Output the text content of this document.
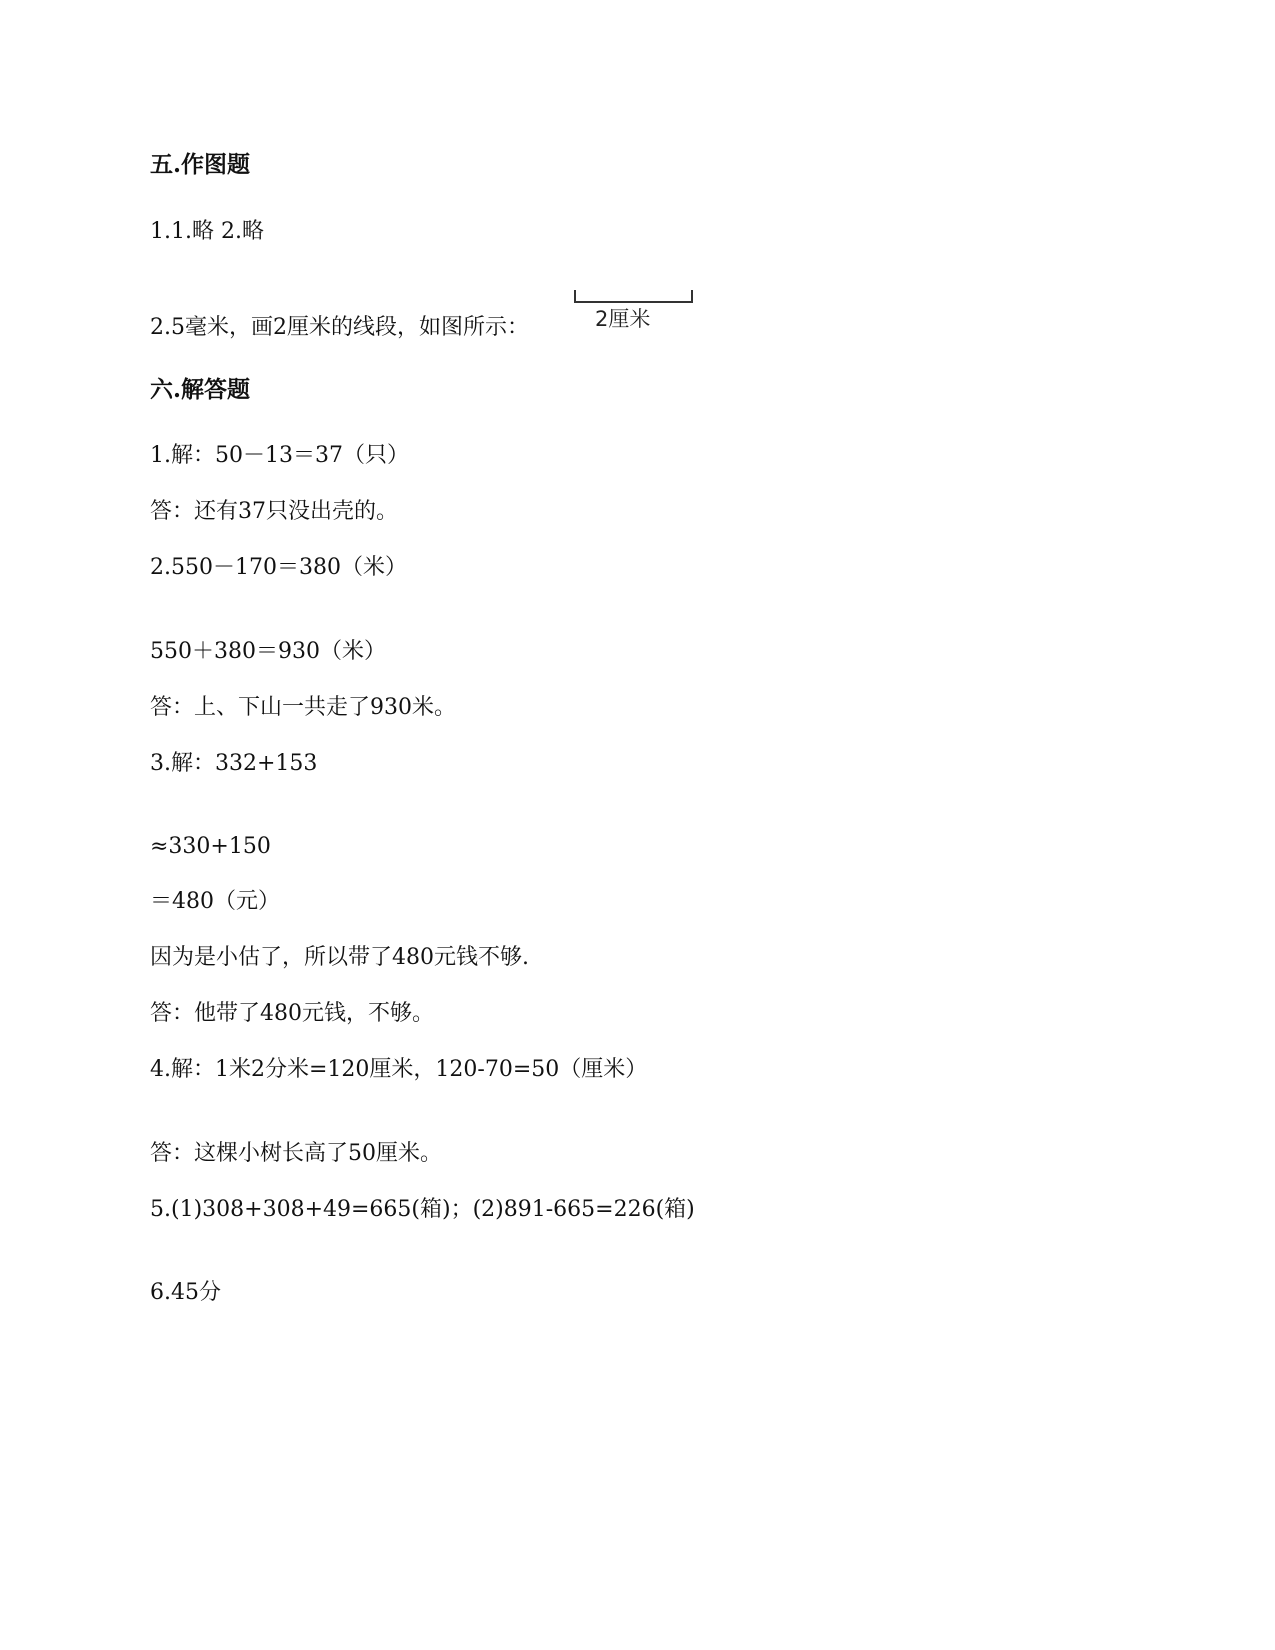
五.作图题
1.1.略 2.略
2.5毫米，画2厘米的线段，如图所示：	2厘米
六.解答题
1.解：50－13＝37（只）
答：还有37只没出壳的。
2.550－170＝380（米）
550＋380＝930（米）
答：上、下山一共走了930米。
3.解：332+153
≈330+150
＝480（元）
因为是小估了，所以带了480元钱不够.
答：他带了480元钱，不够。
4.解：1米2分米=120厘米，120-70=50（厘米）
答：这棵小树长高了50厘米。
5.(1)308+308+49=665(箱)；(2)891-665=226(箱)
6.45分
